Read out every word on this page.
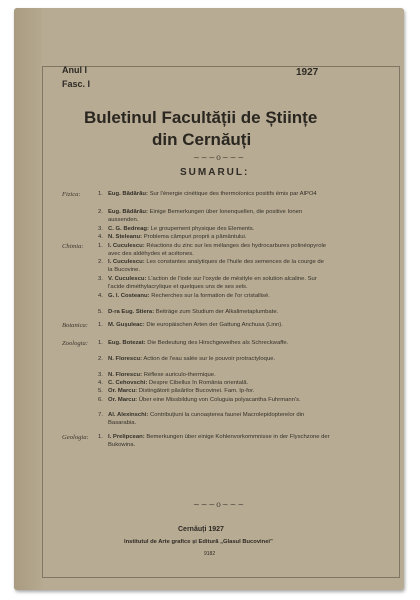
Anul I
Fasc. I
1927
Buletinul Facultății de Științe
din Cernăuți
~~~o~~~
SUMARUL:
Fizica:	1. Eug. Bădărău: Sur l'énergie cinétique des thermoïonics positifs émis par AlPO4
2. Eug. Bădărău: Einige Bemerkungen über Ionenquellen, die positive Ionen aussenden.
3. C. G. Bedreag: Le groupement physique des Elements.
4. N. Steleanu: Problema câmpuri proprii a pământului.
Chimia: 1. I. Cuculescu: Réactions du zinc sur les mélanges des hydrocarbures polinéopyrole avec des aldéhydes et acétones.
2. I. Cuculescu: Les constantes analytiques de l'huile des semences de la courge de la Bucovine.
3. V. Cuculescu: L'action de l'iode sur l'oxyde de mésityle en solution alcaline. Sur l'acide diméthylacrylique et quelques uns de ses sels.
4. G. I. Costeanu: Recherches sur la formation de l'or cristallisé.
5. D-ra Eug. Stiera: Beiträge zum Studium der Alkalimetaplumbate.
Botanica: 1. M. Guşuleac: Die europäischen Arten der Gattung Anchusa (Linn).
Zoologia: 1. Eug. Botezat: Die Bedeutung des Hirschgeweihes als Schreckwaffe.
2. N. Florescu: Action de l'eau salée sur le pouvoir protractyloque.
3. N. Florescu: Réflexe auriculo-thermique.
4. C. Cehovschi: Despre Cibellus în România orientală.
5. Or. Marcu: Distingătorii păsărilor Bucovinei. Fam. Ip-for.
6. Or. Marcu: Über eine Missbildung von Coluguia polyacantha Fuhrmann's.
7. Al. Alexinschi: Contribuțiuni la cunoașterea faunei Macrolepidopterelor din Basarabia.
Geologia: 1. I. Prelipcean: Bemerkungen über einige Kohlenvorkommnisse in der Flyschzone der Bukowina.
~~~o~~~
Cernăuți 1927
Institutul de Arte grafice și Editură „Glasul Bucovinei”
9182
